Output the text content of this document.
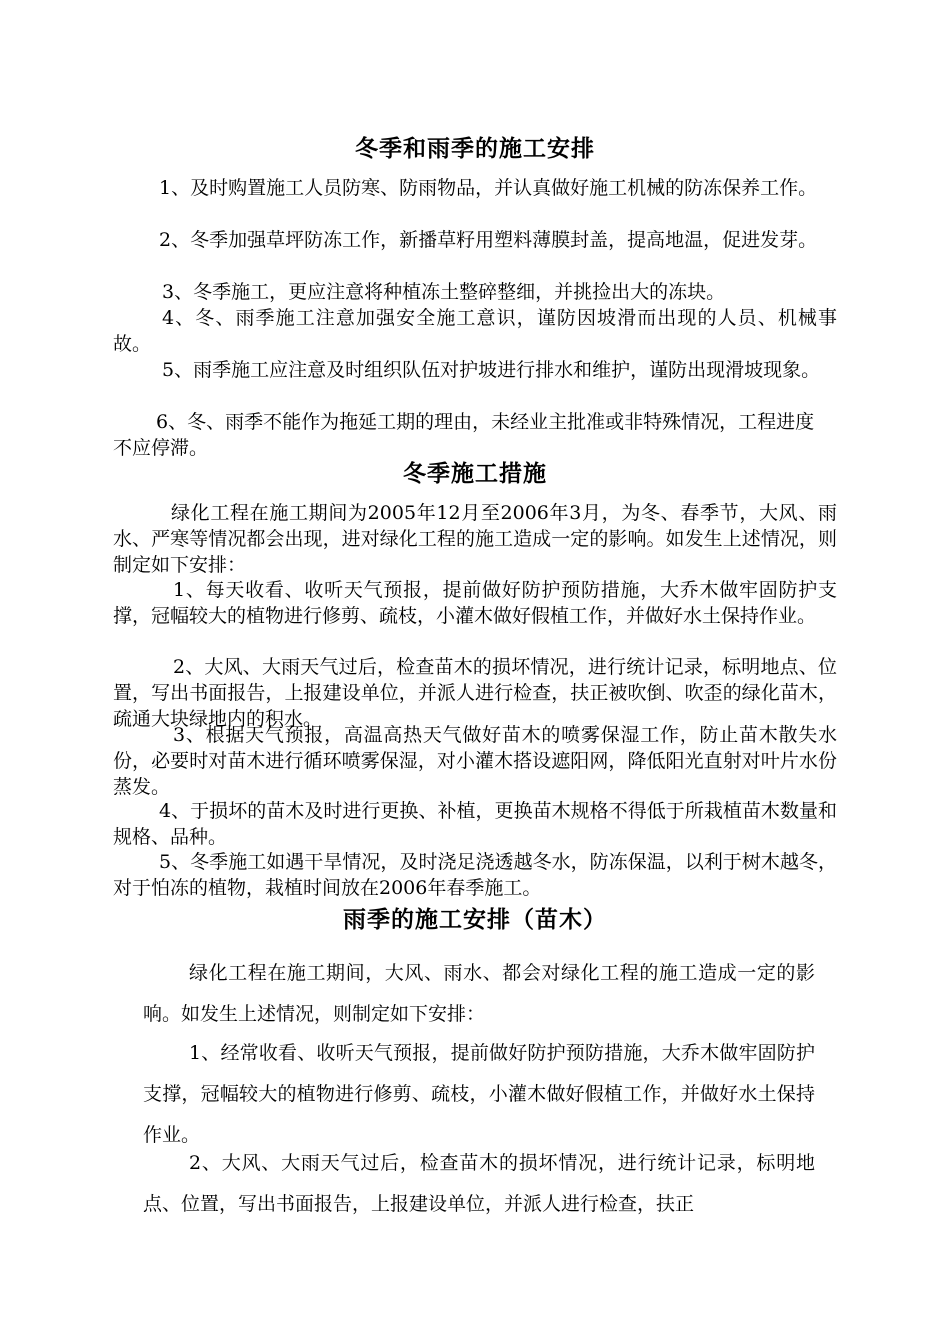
冬季和雨季的施工安排

1、及时购置施工人员防寒、防雨物品，并认真做好施工机械的防冻保养工作。

2、冬季加强草坪防冻工作，新播草籽用塑料薄膜封盖，提高地温，促进发芽。

3、冬季施工，更应注意将种植冻土整碎整细，并挑捡出大的冻块。

4、冬、雨季施工注意加强安全施工意识，谨防因坡滑而出现的人员、机械事故。

5、雨季施工应注意及时组织队伍对护坡进行排水和维护，谨防出现滑坡现象。

6、冬、雨季不能作为拖延工期的理由，未经业主批准或非特殊情况，工程进度不应停滞。

冬季施工措施

绿化工程在施工期间为2005年12月至2006年3月，为冬、春季节，大风、雨水、严寒等情况都会出现，进对绿化工程的施工造成一定的影响。如发生上述情况，则制定如下安排：

1、每天收看、收听天气预报，提前做好防护预防措施，大乔木做牢固防护支撑，冠幅较大的植物进行修剪、疏枝，小灌木做好假植工作，并做好水土保持作业。

2、大风、大雨天气过后，检查苗木的损坏情况，进行统计记录，标明地点、位置，写出书面报告，上报建设单位，并派人进行检查，扶正被吹倒、吹歪的绿化苗木，疏通大块绿地内的积水。

3、根据天气预报，高温高热天气做好苗木的喷雾保湿工作，防止苗木散失水份，必要时对苗木进行循环喷雾保湿，对小灌木搭设遮阳网，降低阳光直射对叶片水份蒸发。

4、于损坏的苗木及时进行更换、补植，更换苗木规格不得低于所栽植苗木数量和规格、品种。

5、冬季施工如遇干旱情况，及时浇足浇透越冬水，防冻保温，以利于树木越冬，对于怕冻的植物，栽植时间放在2006年春季施工。

雨季的施工安排（苗木）

绿化工程在施工期间，大风、雨水、都会对绿化工程的施工造成一定的影响。如发生上述情况，则制定如下安排：

1、经常收看、收听天气预报，提前做好防护预防措施，大乔木做牢固防护支撑，冠幅较大的植物进行修剪、疏枝，小灌木做好假植工作，并做好水土保持作业。

2、大风、大雨天气过后，检查苗木的损坏情况，进行统计记录，标明地点、位置，写出书面报告，上报建设单位，并派人进行检查，扶正
